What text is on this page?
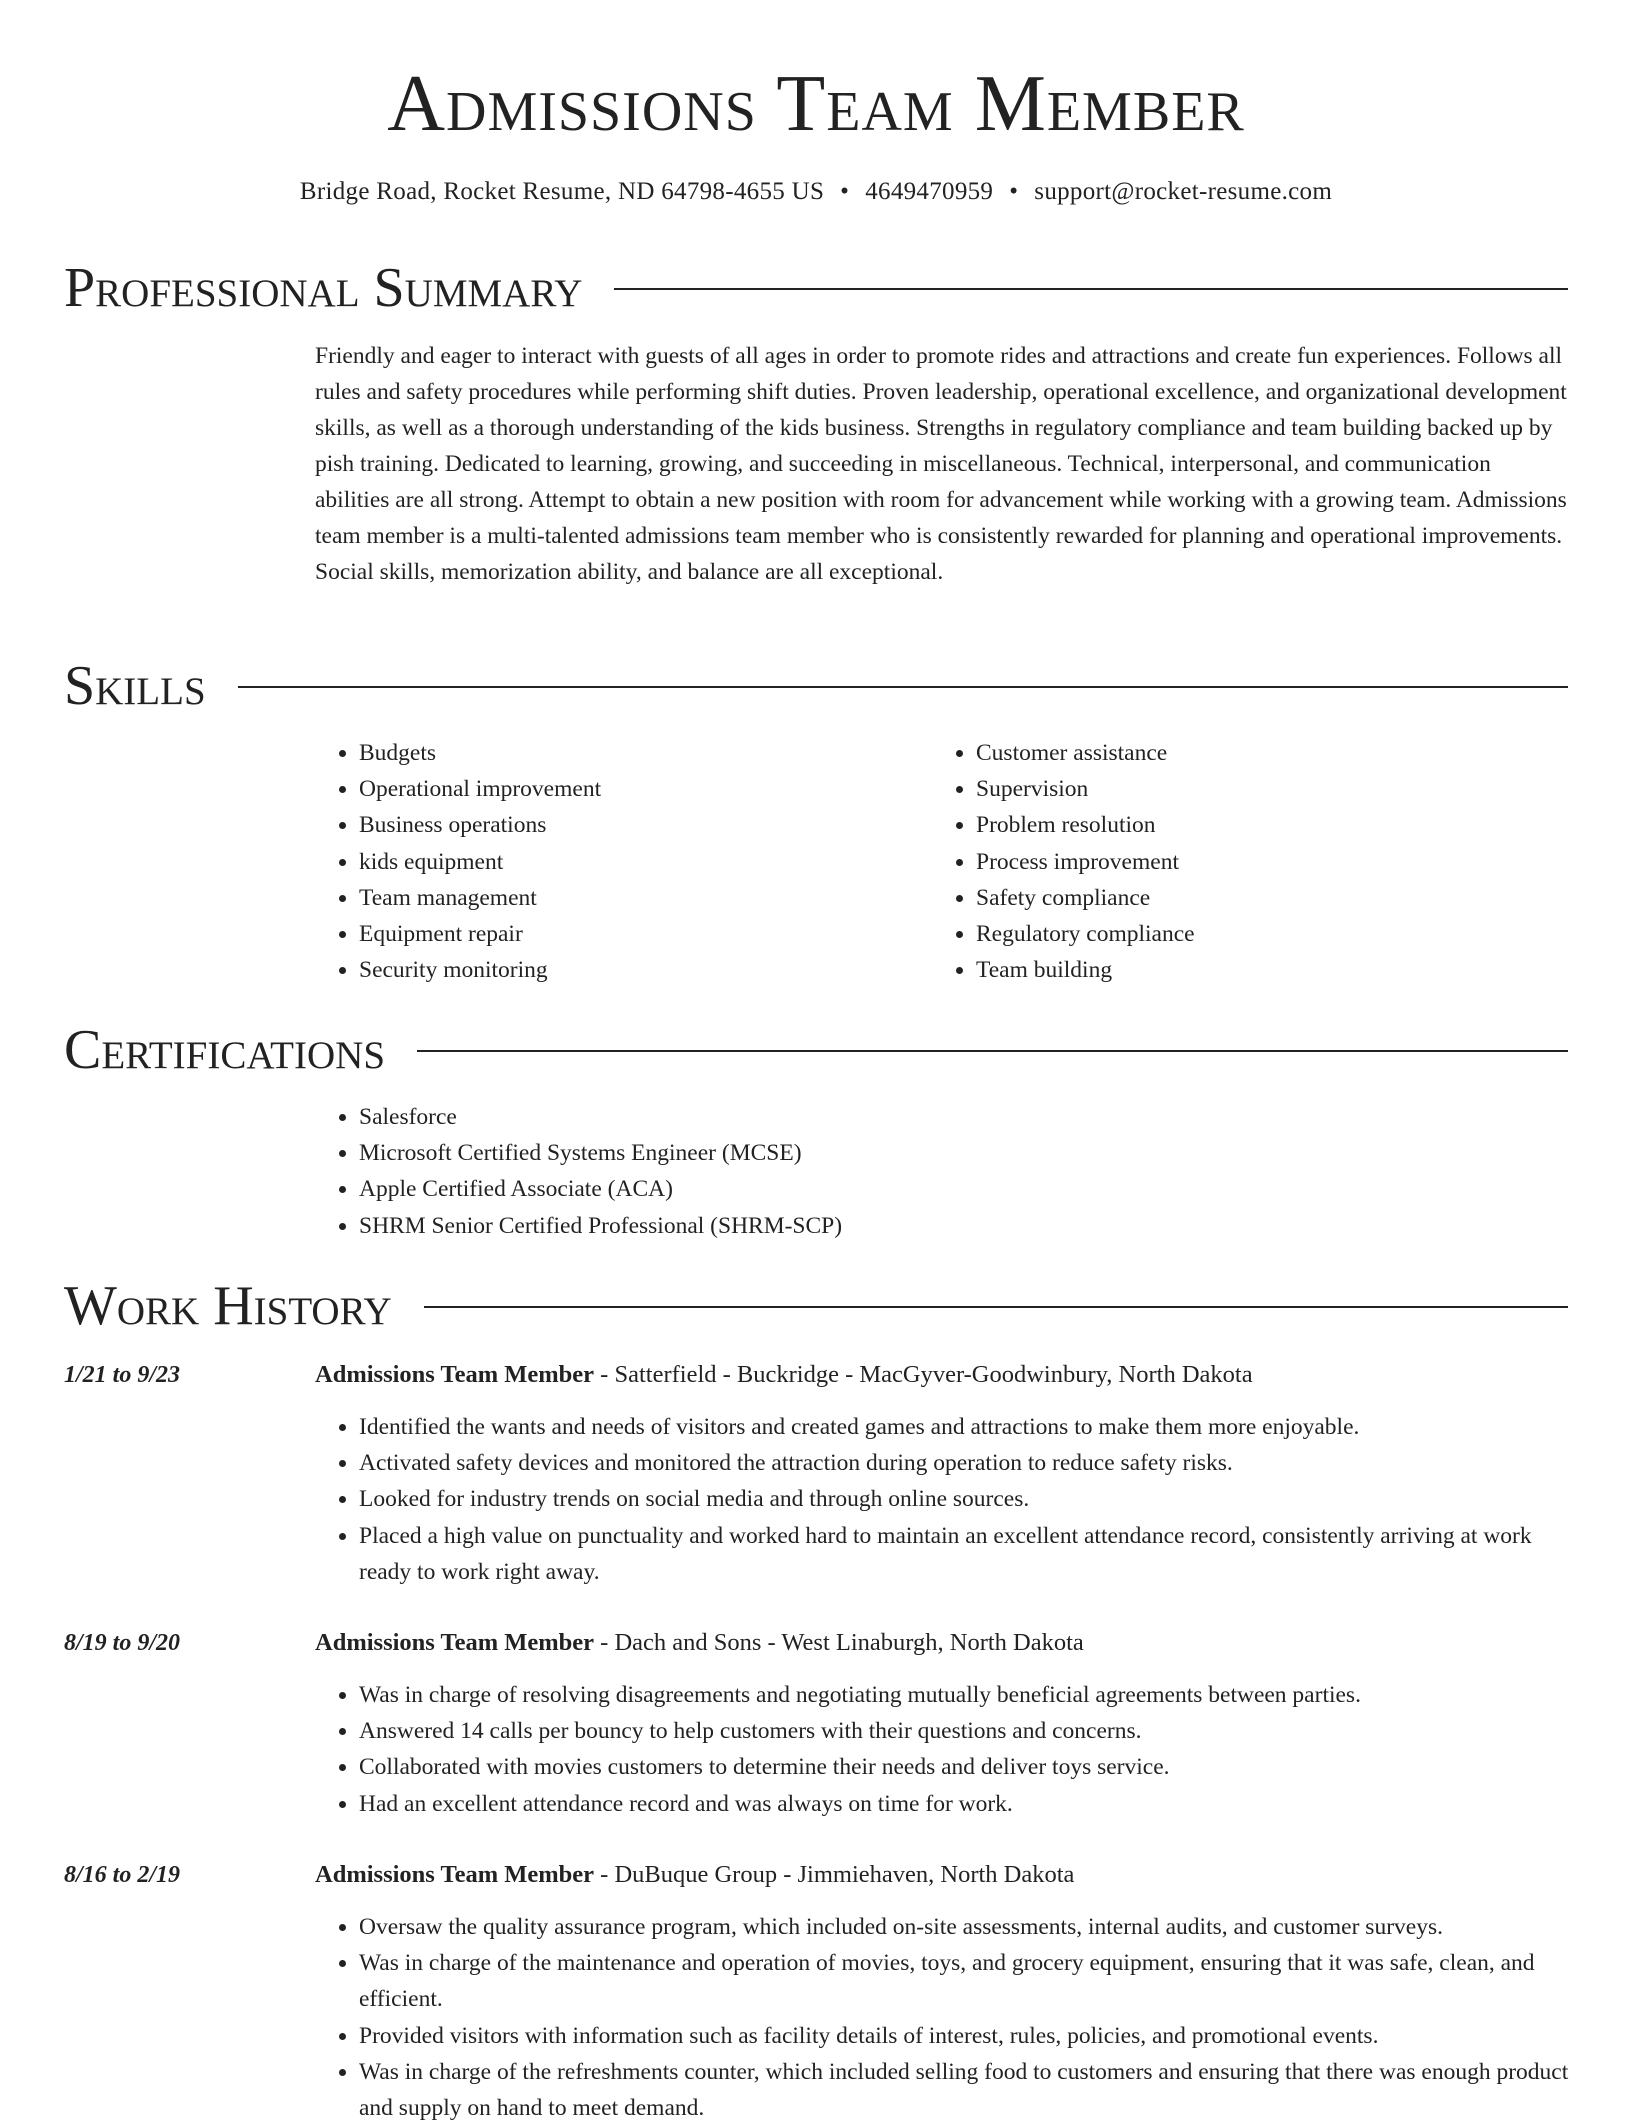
Admissions Team Member
Bridge Road, Rocket Resume, ND 64798-4655 US • 4649470959 • support@rocket-resume.com
Professional Summary

Friendly and eager to interact with guests of all ages in order to promote rides and attractions and create fun experiences. Follows all rules and safety procedures while performing shift duties. Proven leadership, operational excellence, and organizational development skills, as well as a thorough understanding of the kids business. Strengths in regulatory compliance and team building backed up by pish training. Dedicated to learning, growing, and succeeding in miscellaneous. Technical, interpersonal, and communication abilities are all strong. Attempt to obtain a new position with room for advancement while working with a growing team. Admissions team member is a multi-talented admissions team member who is consistently rewarded for planning and operational improvements. Social skills, memorization ability, and balance are all exceptional.

Skills
• Budgets
• Operational improvement
• Business operations
• kids equipment
• Team management
• Equipment repair
• Security monitoring
• Customer assistance
• Supervision
• Problem resolution
• Process improvement
• Safety compliance
• Regulatory compliance
• Team building
Certifications
• Salesforce
• Microsoft Certified Systems Engineer (MCSE)
• Apple Certified Associate (ACA)
• SHRM Senior Certified Professional (SHRM-SCP)
Work History
1/21 to 9/23	Admissions Team Member - Satterfield - Buckridge - MacGyver-Goodwinbury, North Dakota
• Identified the wants and needs of visitors and created games and attractions to make them more enjoyable.
• Activated safety devices and monitored the attraction during operation to reduce safety risks.
• Looked for industry trends on social media and through online sources.
• Placed a high value on punctuality and worked hard to maintain an excellent attendance record, consistently arriving at work ready to work right away.
8/19 to 9/20	Admissions Team Member - Dach and Sons - West Linaburgh, North Dakota
• Was in charge of resolving disagreements and negotiating mutually beneficial agreements between parties.
• Answered 14 calls per bouncy to help customers with their questions and concerns.
• Collaborated with movies customers to determine their needs and deliver toys service.
• Had an excellent attendance record and was always on time for work.
8/16 to 2/19	Admissions Team Member - DuBuque Group - Jimmiehaven, North Dakota
• Oversaw the quality assurance program, which included on-site assessments, internal audits, and customer surveys.
• Was in charge of the maintenance and operation of movies, toys, and grocery equipment, ensuring that it was safe, clean, and efficient.
• Provided visitors with information such as facility details of interest, rules, policies, and promotional events.
• Was in charge of the refreshments counter, which included selling food to customers and ensuring that there was enough product and supply on hand to meet demand.
